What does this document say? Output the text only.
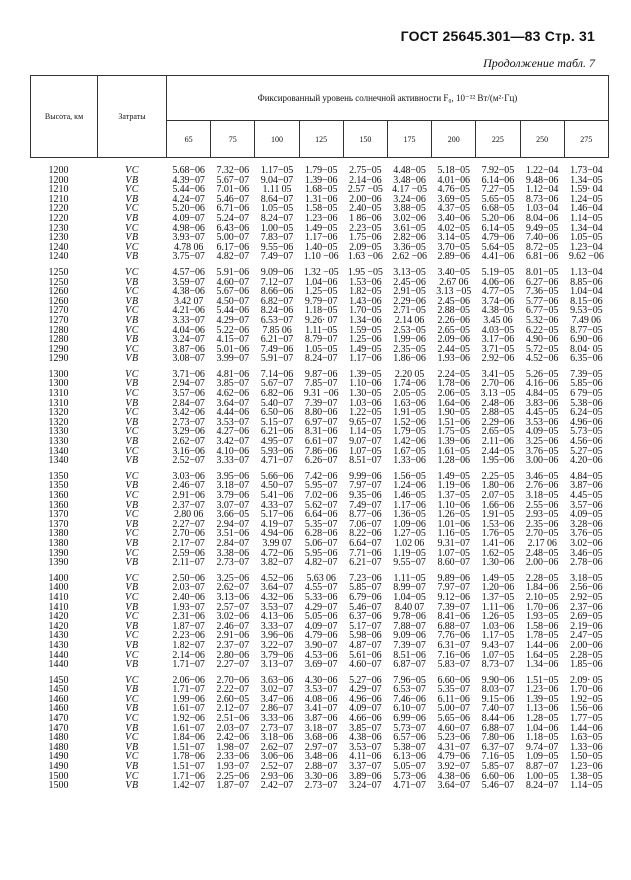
ГОСТ 25645.301—83 Стр. 31
Продолжение табл. 7
Высота, км	Затраты	Фиксированный уровень солнечной активности F₀, 10⁻²² Вт/(м²·Гц)									
		65	75	100	125	150	175	200	225	250	275
1200	VC	5.68−06	7.32−06	1.17−05	1.79−05	2.75−05	4.48−05	5.18−05	7.92−05	1.22−04	1.73−04
1200	VB	4.39−07	5.67−07	9.04−07	1.39−06	2.14−06	3.48−06	4.01−06	6.14−06	9.48−06	1.34−05
1210	VC	5.44−06	7.01−06	1.11 05	1.68−05	2.57 −05	4.17 −05	4.76−05	7.27−05	1.12−04	1.59· 04
1210	VB	4.24−07	5.46−07	8.64−07	1.31−06	2.00−06	3.24−06	3.69−05	5.65−05	8.73−06	1.24−05
1220	VC	5.20−06	6.71−06	1.05−05	1.58−05	2.40−05	3.88−05	4.37−05	6.68−05	1.03−04	1.46−04
1220	VB	4.09−07	5.24−07	8.24−07	1.23−06	1 86−06	3.02−06	3.40−06	5.20−06	8.04−06	1.14−05
1230	VC	4.98−06	6.43−06	1.00−05	1.49−05	2.23−05	3.61−05	4.02−05	6.14−05	9.49−05	1.34−04
1230	VB	3.93−07	5.00−07	7.83−07	1.17−06	1.75−06	2.82−06	3.14−05	4.79−06	7.40−06	1.05−05
1240	VC	4.78 06	6.17−06	9.55−06	1.40−05	2.09−05	3.36−05	3.70−05	5.64−05	8.72−05	1.23−04
1240	VB	3.75−07	4.82−07	7.49−07	1.10 −06	1.63 −06	2.62 −06	2.89−06	4.41−06	6.81−06	9.62 −06
1250	VC	4.57−06	5.91−06	9.09−06	1.32 −05	1.95 −05	3.13−05	3.40−05	5.19−05	8.01−05	1.13−04
1250	VB	3.59−07	4.60−07	7.12−07	1.04−06	1.53−06	2.45−06	2.67 06	4.06−06	6.27−06	8.85−06
1260	VC	4.38−06	5.67−06	8.66−06	1.25−05	1.82−05	2.91−05	3.13 −05	4.77−05	7.36−05	1.04−04
1260	VB	3.42 07	4.50−07	6.82−07	9.79−07	1.43−06	2.29−06	2.45−06	3.74−06	5.77−06	8.15−06
1270	VC	4.21−06	5.44−06	8.24−06	1.18−05	1.70−05	2.71−05	2.88−05	4.38−05	6.77−05	9.53−05
1270	VB	3.33−07	4.29−07	6.53−07	9.26· 07	1.34−06	2.14 06	2.26−06	3.45 06	5.32−06	7.49 06
1280	VC	4.04−06	5.22−06	7.85 06	1.11−05	1.59−05	2.53−05	2.65−05	4.03−05	6.22−05	8.77−05
1280	VB	3.24−07	4.15−07	6.21−07	8.79−07	1.25−06	1.99−06	2.09−06	3.17−06	4.90−06	6.90−06
1290	VC	3.87−06	5.01−06	7.49−06	1.05−05	1.49−05	2.35−05	2.44−05	3.71−05	5.72−05	8.04· 05
1290	VB	3.08−07	3.99−07	5.91−07	8.24−07	1.17−06	1.86−06	1.93−06	2.92−06	4.52−06	6.35−06
1300	VC	3.71−06	4.81−06	7.14−06	9.87−06	1.39−05	2.20 05	2.24−05	3.41−05	5.26−05	7.39−05
1300	VB	2.94−07	3.85−07	5.67−07	7.85−07	1.10−06	1.74−06	1.78−06	2.70−06	4.16−06	5.85−06
1310	VC	3.57−06	4.62−06	6.82−06	9.31 −06	1.30−05	2.05−05	2.06−05	3.13 −05	4.84−05	6 79−05
1310	VB	2.84−07	3.64−07	5.40−07	7.39−07	1.03−06	1.63−06	1.64−06	2.48−06	3.83−06	5.38−06
1320	VC	3.42−06	4.44−06	6.50−06	8.80−06	1.22−05	1.91−05	1.90−05	2.88−05	4.45−05	6.24−05
1320	VB	2.73−07	3.53−07	5.15−07	6.97−07	9.65−07	1.52−06	1.51−06	2.29−06	3.53−06	4.96−06
1330	VC	3.29−06	4.27−06	6.21−06	8.31−06	1.14−05	1.79−05	1.75−05	2.65−05	4.09−05	5.73−05
1330	VB	2.62−07	3.42−07	4.95−07	6.61−07	9.07−07	1.42−06	1.39−06	2.11−06	3.25−06	4.56−06
1340	VC	3.16−06	4.10−06	5.93−06	7.86−06	1.07−05	1.67−05	1.61−05	2.44−05	3.76−05	5.27−05
1340	VB	2.52−07	3.33−07	4.71−07	6.26−07	8.51−07	1.33−06	1.28−06	1.95−06	3.00−06	4.20−06
1350	VC	3.03−06	3.95−06	5.66−06	7.42−06	9.99−06	1.56−05	1.49−05	2.25−05	3.46−05	4.84−05
1350	VB	2.46−07	3.18−07	4.50−07	5.95−07	7.97−07	1.24−06	1.19−06	1.80−06	2.76−06	3.87−06
1360	VC	2.91−06	3.79−06	5.41−06	7.02−06	9.35−06	1.46−05	1.37−05	2.07−05	3.18−05	4.45−05
1360	VB	2.37−07	3.07−07	4.33−07	5.62−07	7.49−07	1.17−06	1.10−06	1.66−06	2.55−06	3.57−06
1370	VC	2.80 06	3.66−05	5.17−06	6.64−06	8.77−06	1.36−05	1.26−05	1.91−05	2.93−05	4.09−05
1370	VB	2.27−07	2.94−07	4.19−07	5.35−07	7.06−07	1.09−06	1.01−06	1.53−06	2.35−06	3.28−06
1380	VC	2.70−06	3.51−06	4.94−06	6.28−06	8.22−06	1.27−05	1.16−05	1.76−05	2.70−05	3.76−05
1380	VB	2.17−07	2.84−07	3.99 07	5.06−07	6.64−07	1.02 06	9.31−07	1.41−06	2.17 06	3.02−06
1390	VC	2.59−06	3.38−06	4.72−06	5.95−06	7.71−06	1.19−05	1.07−05	1.62−05	2.48−05	3.46−05
1390	VB	2.11−07	2.73−07	3.82−07	4.82−07	6.21−07	9.55−07	8.60−07	1.30−06	2.00−06	2.78−06
1400	VC	2.50−06	3.25−06	4.52−06	5.63 06	7.23−06	1.11−05	9.89−06	1.49−05	2.28−05	3.18−05
1400	VB	2.03−07	2.62−07	3.64−07	4.55−07	5.85−07	8.99−07	7.97−07	1.20−06	1.84−06	2.56−06
1410	VC	2.40−06	3.13−06	4.32−06	5.33−06	6.79−06	1.04−05	9.12−06	1.37−05	2.10−05	2.92−05
1410	VB	1.93−07	2.57−07	3.53−07	4.29−07	5.46−07	8.40 07	7.39−07	1.11−06	1.70−06	2.37−06
1420	VC	2.31−06	3.02−06	4.13−06	5.05−06	6.37−06	9.78−06	8.41−06	1.26−05	1.93−05	2.69−05
1420	VB	1.87−07	2.46−07	3.33−07	4.09−07	5.17−07	7.88−07	6.88−07	1.03−06	1.58−06	2.19−06
1430	VC	2.23−06	2.91−06	3.96−06	4.79−06	5.98−06	9.09−06	7.76−06	1.17−05	1.78−05	2.47−05
1430	VB	1.82−07	2.37−07	3.22−07	3.90−07	4.87−07	7.39−07	6.31−07	9.43−07	1.44−06	2.00−06
1440	VC	2.14−06	2.80−06	3.79−06	4.53−06	5.61−06	8.51−06	7.16−06	1.07−05	1.64−05	2.28−05
1440	VB	1.71−07	2.27−07	3.13−07	3.69−07	4.60−07	6.87−07	5.83−07	8.73−07	1.34−06	1.85−06
1450	VC	2.06−06	2.70−06	3.63−06	4.30−06	5.27−06	7.96−05	6.60−06	9.90−06	1.51−05	2.09· 05
1450	VB	1.71−07	2.22−07	3.02−07	3.53−07	4.29−07	6.53−07	5.35−07	8.03−07	1.23−06	1.70−06
1460	VC	1.99−06	2.60−05	3.47−06	4.08−06	4.96−06	7.46−06	6.11−06	9.15−06	1.39−05	1.92−05
1460	VB	1.61−07	2.12−07	2.86−07	3.41−07	4.09−07	6.10−07	5.00−07	7.40−07	1.13−06	1.56−06
1470	VC	1.92−06	2.51−06	3.33−06	3.87−06	4.66−06	6.99−06	5.65−06	8.44−06	1.28−05	1.77−05
1470	VB	1.61−07	2.03−07	2.73−07	3.18−07	3.85−07	5.73−07	4.60−07	6.88−07	1.04−06	1.44−06
1480	VC	1.84−06	2.42−06	3.18−06	3.68−06	4.38−06	6.57−06	5.23−06	7.80−06	1.18−05	1.63−05
1480	VB	1.51−07	1.98−07	2.62−07	2.97−07	3.53−07	5.38−07	4.31−07	6.37−07	9.74−07	1.33−06
1490	VC	1.78−06	2.33−06	3.06−06	3.48−06	4.11−06	6.13−06	4.79−06	7.16−05	1.09−05	1.50−05
1490	VB	1.51−07	1.93−07	2.52−07	2.88−07	3.37−07	5.05−07	3.92−07	5.85−07	8.87−07	1.23−06
1500	VC	1.71−06	2.25−06	2.93−06	3.30−06	3.89−06	5.73−06	4.38−06	6.60−06	1.00−05	1.38−05
1500	VB	1.42−07	1.87−07	2.42−07	2.73−07	3.24−07	4.71−07	3.64−07	5.46−07	8.24−07	1.14−05
